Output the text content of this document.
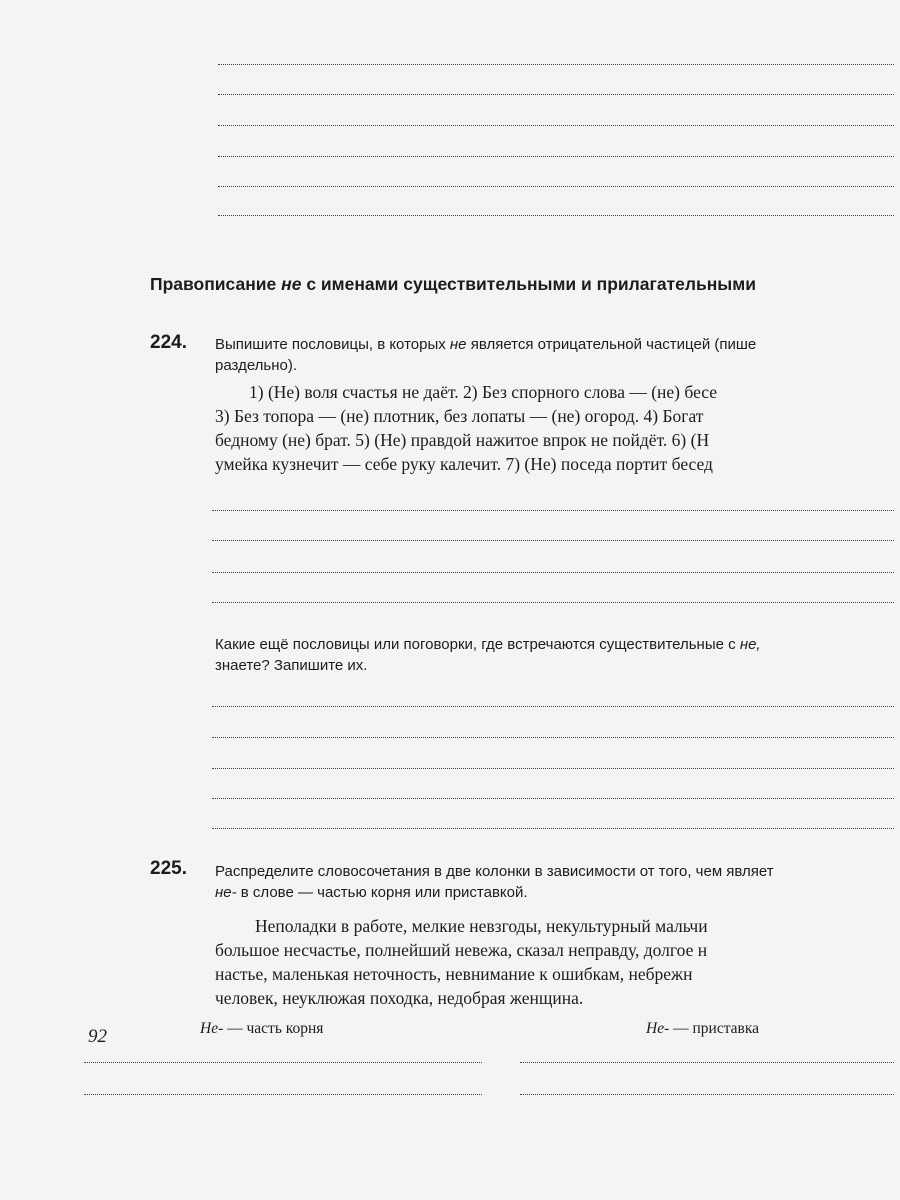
Правописание не с именами существительными и прилагательными
224. Выпишите пословицы, в которых не является отрицательной частицей (пише
раздельно).
1) (Не) воля счастья не даёт. 2) Без спорного слова — (не) бесе
3) Без топора — (не) плотник, без лопаты — (не) огород. 4) Богат
бедному (не) брат. 5) (Не) правдой нажитое впрок не пойдёт. 6) (Н
умейка кузнечит — себе руку калечит. 7) (Не) поседа портит бесед
Какие ещё пословицы или поговорки, где встречаются существительные с не,
знаете? Запишите их.
225. Распределите словосочетания в две колонки в зависимости от того, чем являет
не- в слове — частью корня или приставкой.
Неполадки в работе, мелкие невзгоды, некультурный мальчи
большое несчастье, полнейший невежа, сказал неправду, долгое н
настье, маленькая неточность, невнимание к ошибкам, небрежн
человек, неуклюжая походка, недобрая женщина.
Не- — часть корня	Не- — приставка
92
